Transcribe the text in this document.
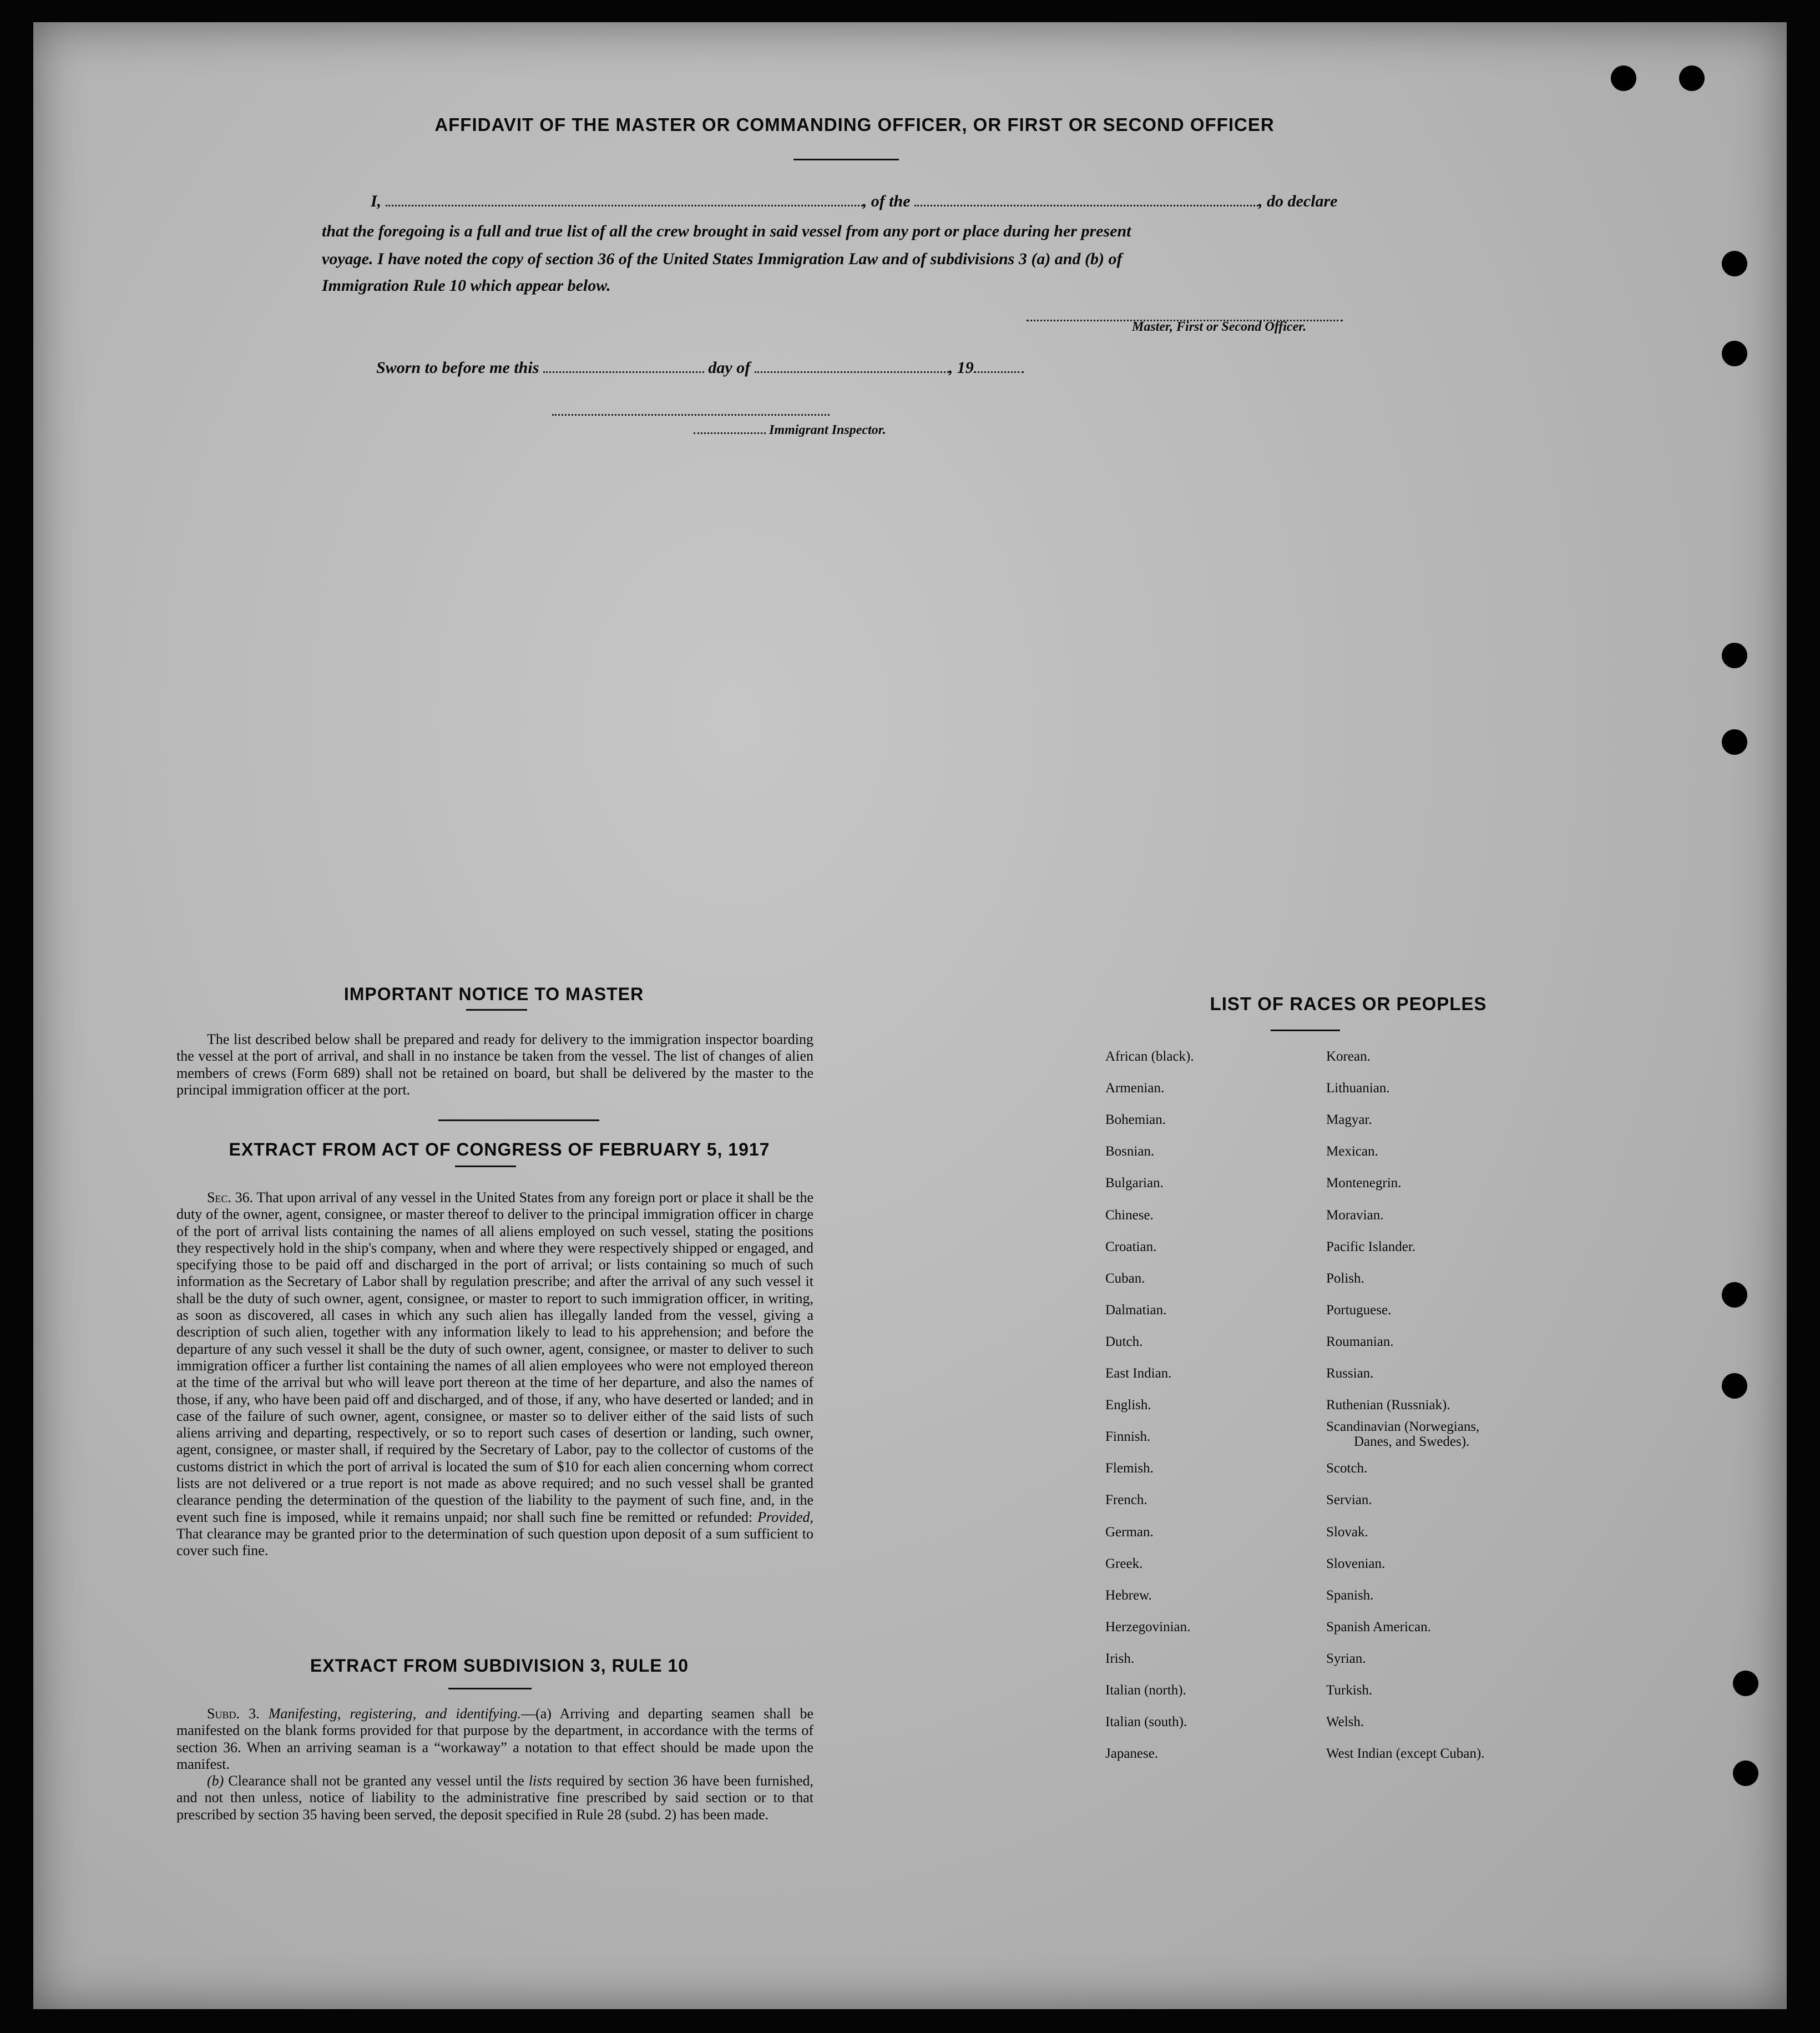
AFFIDAVIT OF THE MASTER OR COMMANDING OFFICER, OR FIRST OR SECOND OFFICER
I,	, of the	, do declare
that the foregoing is a full and true list of all the crew brought in said vessel from any port or place during her present
voyage. I have noted the copy of section 36 of the United States Immigration Law and of subdivisions 3 (a) and (b) of
Immigration Rule 10 which appear below.
Master, First or Second Officer.
Sworn to before me this	day of	, 19
Immigrant Inspector.
IMPORTANT NOTICE TO MASTER

The list described below shall be prepared and ready for delivery to the immigration inspector boarding the vessel at the port of arrival, and shall in no instance be taken from the vessel. The list of changes of alien members of crews (Form 689) shall not be retained on board, but shall be delivered by the master to the principal immigration officer at the port.

EXTRACT FROM ACT OF CONGRESS OF FEBRUARY 5, 1917

Sec. 36. That upon arrival of any vessel in the United States from any foreign port or place it shall be the duty of the owner, agent, consignee, or master thereof to deliver to the principal immigration officer in charge of the port of arrival lists containing the names of all aliens employed on such vessel, stating the positions they respectively hold in the ship's company, when and where they were respectively shipped or engaged, and specifying those to be paid off and discharged in the port of arrival; or lists containing so much of such information as the Secretary of Labor shall by regulation prescribe; and after the arrival of any such vessel it shall be the duty of such owner, agent, consignee, or master to report to such immigration officer, in writing, as soon as discovered, all cases in which any such alien has illegally landed from the vessel, giving a description of such alien, together with any information likely to lead to his apprehension; and before the departure of any such vessel it shall be the duty of such owner, agent, consignee, or master to deliver to such immigration officer a further list containing the names of all alien employees who were not employed thereon at the time of the arrival but who will leave port thereon at the time of her departure, and also the names of those, if any, who have been paid off and discharged, and of those, if any, who have deserted or landed; and in case of the failure of such owner, agent, consignee, or master so to deliver either of the said lists of such aliens arriving and departing, respectively, or so to report such cases of desertion or landing, such owner, agent, consignee, or master shall, if required by the Secretary of Labor, pay to the collector of customs of the customs district in which the port of arrival is located the sum of $10 for each alien concerning whom correct lists are not delivered or a true report is not made as above required; and no such vessel shall be granted clearance pending the determination of the question of the liability to the payment of such fine, and, in the event such fine is imposed, while it remains unpaid; nor shall such fine be remitted or refunded: Provided, That clearance may be granted prior to the determination of such question upon deposit of a sum sufficient to cover such fine.

EXTRACT FROM SUBDIVISION 3, RULE 10

Subd. 3. Manifesting, registering, and identifying.—(a) Arriving and departing seamen shall be manifested on the blank forms provided for that purpose by the department, in accordance with the terms of section 36. When an arriving seaman is a “workaway” a notation to that effect should be made upon the manifest.

(b) Clearance shall not be granted any vessel until the lists required by section 36 have been furnished, and not then unless, notice of liability to the administrative fine prescribed by said section or to that prescribed by section 35 having been served, the deposit specified in Rule 28 (subd. 2) has been made.

LIST OF RACES OR PEOPLES
African (black).
Armenian.
Bohemian.
Bosnian.
Bulgarian.
Chinese.
Croatian.
Cuban.
Dalmatian.
Dutch.
East Indian.
English.
Finnish.
Flemish.
French.
German.
Greek.
Hebrew.
Herzegovinian.
Irish.
Italian (north).
Italian (south).
Japanese.
Korean.
Lithuanian.
Magyar.
Mexican.
Montenegrin.
Moravian.
Pacific Islander.
Polish.
Portuguese.
Roumanian.
Russian.
Ruthenian (Russniak).
Scandinavian (Norwegians,
Danes, and Swedes).
Scotch.
Servian.
Slovak.
Slovenian.
Spanish.
Spanish American.
Syrian.
Turkish.
Welsh.
West Indian (except Cuban).
